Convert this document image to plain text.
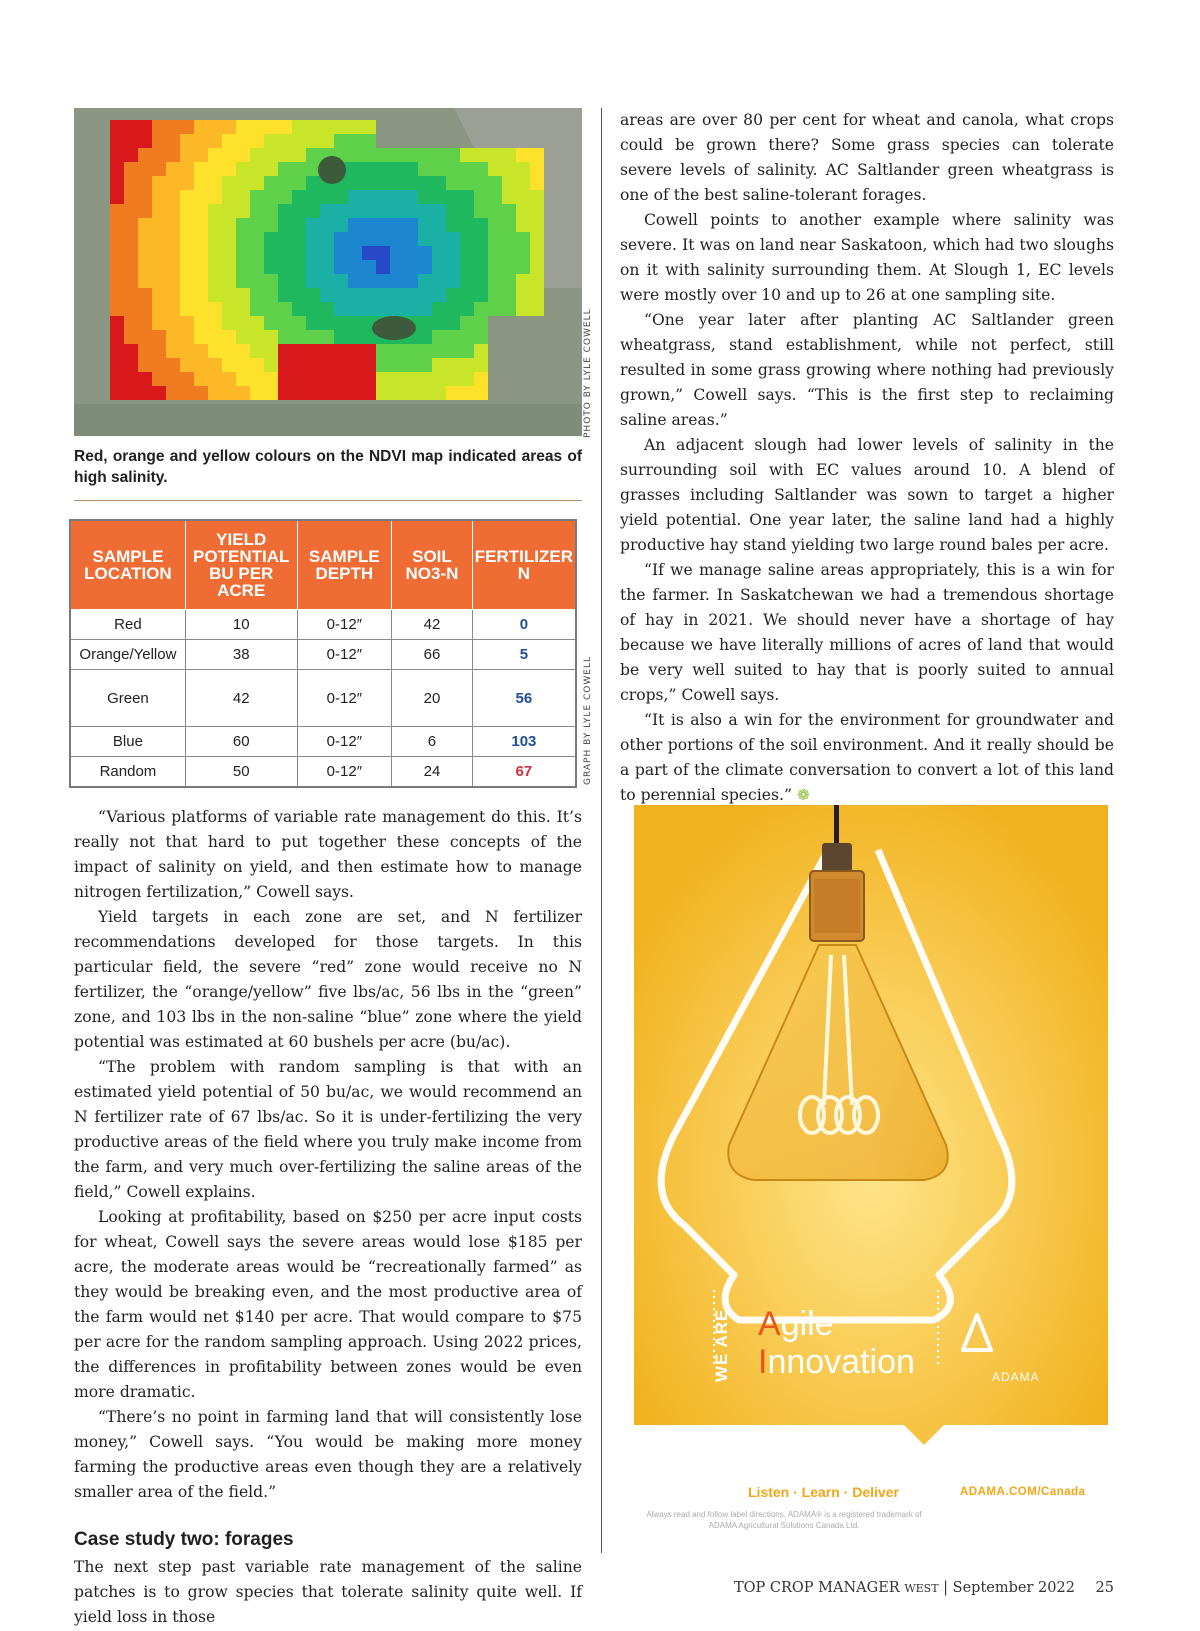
Red, orange and yellow colours on the NDVI map indicated areas of high salinity.

PHOTO BY LYLE COWELL
SAMPLE LOCATION	YIELD POTENTIAL BU PER ACRE	SAMPLE DEPTH	SOIL NO3-N	FERTILIZER N
Red	10	0-12″	42	0
Orange/Yellow	38	0-12″	66	5
Green	42	0-12″	20	56
Blue	60	0-12″	6	103
Random	50	0-12″	24	67	GRAPH BY LYLE COWELL

“Various platforms of variable rate management do this. It’s really not that hard to put together these concepts of the impact of salinity on yield, and then estimate how to manage nitrogen fertilization,” Cowell says.

Yield targets in each zone are set, and N fertilizer recommendations developed for those targets. In this particular field, the severe “red” zone would receive no N fertilizer, the “orange/yellow” five lbs/ac, 56 lbs in the “green” zone, and 103 lbs in the non-saline “blue” zone where the yield potential was estimated at 60 bushels per acre (bu/ac).

“The problem with random sampling is that with an estimated yield potential of 50 bu/ac, we would recommend an N fertilizer rate of 67 lbs/ac. So it is under-fertilizing the very productive areas of the field where you truly make income from the farm, and very much over-fertilizing the saline areas of the field,” Cowell explains.

Looking at profitability, based on $250 per acre input costs for wheat, Cowell says the severe areas would lose $185 per acre, the moderate areas would be “recreationally farmed” as they would be breaking even, and the most productive area of the farm would net $140 per acre. That would compare to $75 per acre for the random sampling approach. Using 2022 prices, the differences in profitability between zones would be even more dramatic.

“There’s no point in farming land that will consistently lose money,” Cowell says. “You would be making more money farming the productive areas even though they are a relatively smaller area of the field.”

Case study two: forages

The next step past variable rate management of the saline patches is to grow species that tolerate salinity quite well. If yield loss in those

areas are over 80 per cent for wheat and canola, what crops could be grown there? Some grass species can tolerate severe levels of salinity. AC Saltlander green wheatgrass is one of the best saline-tolerant forages.

Cowell points to another example where salinity was severe. It was on land near Saskatoon, which had two sloughs on it with salinity surrounding them. At Slough 1, EC levels were mostly over 10 and up to 26 at one sampling site.

“One year later after planting AC Saltlander green wheatgrass, stand establishment, while not perfect, still resulted in some grass growing where nothing had previously grown,” Cowell says. “This is the first step to reclaiming saline areas.”

An adjacent slough had lower levels of salinity in the surrounding soil with EC values around 10. A blend of grasses including Saltlander was sown to target a higher yield potential. One year later, the saline land had a highly productive hay stand yielding two large round bales per acre.

“If we manage saline areas appropriately, this is a win for the farmer. In Saskatchewan we had a tremendous shortage of hay in 2021. We should never have a shortage of hay because we have literally millions of acres of land that would be very well suited to hay that is poorly suited to annual crops,” Cowell says.

“It is also a win for the environment for groundwater and other portions of the soil environment. And it really should be a part of the climate conversation to convert a lot of this land to perennial species.” ❁

WE ARE Agile
Innovation	ADAMA
Listen · Learn · Deliver	ADAMA.COM/Canada
Always read and follow label directions. ADAMA® is a registered trademark of ADAMA Agricultural Solutions Canada Ltd.
TOP CROP MANAGER WEST | September 2022 25
